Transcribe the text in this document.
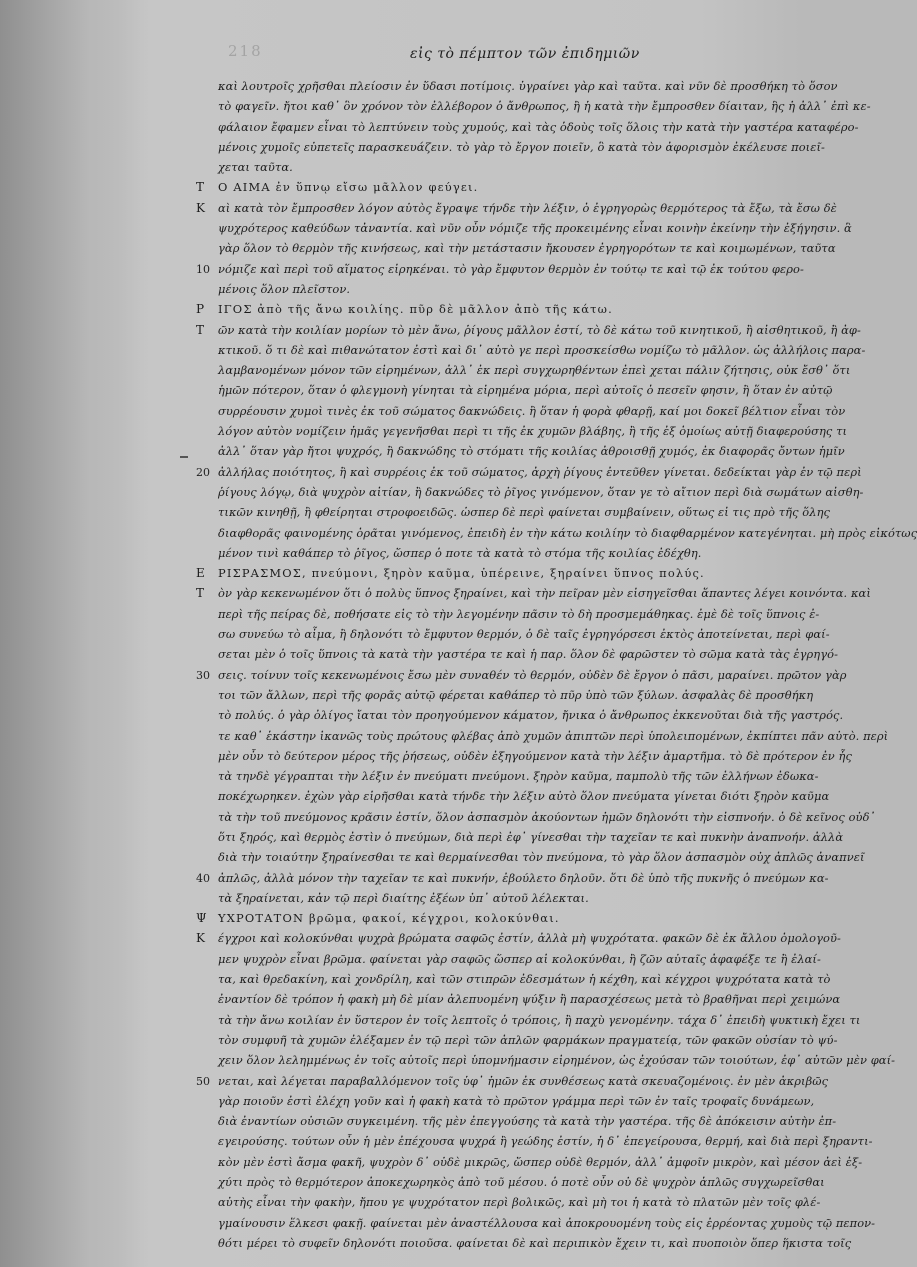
218	εἰς τὸ πέμπτον τῶν ἐπιδημιῶν
καὶ λουτροῖς χρῆσθαι πλείοσιν ἐν ὕδασι ποτίμοις. ὑγραίνει γὰρ καὶ ταῦτα. καὶ νῦν δὲ προσθήκη τὸ ὅσον
τὸ φαγεῖν. ἤτοι καθ᾽ ὃν χρόνον τὸν ἐλλέβορον ὁ ἄνθρωπος, ἢ ἡ κατὰ τὴν ἔμπροσθεν δίαιταν, ἣς ἡ ἀλλ᾽ ἐπὶ κε-
φάλαιον ἔφαμεν εἶναι τὸ λεπτύνειν τοὺς χυμούς, καὶ τὰς ὁδοὺς τοῖς ὅλοις τὴν κατὰ τὴν γαστέρα καταφέρο-
μένοις χυμοῖς εὐπετεῖς παρασκευάζειν. τὸ γὰρ τὸ ἔργον ποιεῖν, ὃ κατὰ τὸν ἀφορισμὸν ἐκέλευσε ποιεῖ-
χεται ταῦτα.
Τ Ο ΑΙΜΑ ἐν ὕπνῳ εἴσω μᾶλλον φεύγει.
Κ αὶ κατὰ τὸν ἔμπροσθεν λόγον αὐτὸς ἔγραψε τήνδε τὴν λέξιν, ὁ ἐγρηγορὼς θερμότερος τὰ ἔξω, τὰ ἔσω δὲ
ψυχρότερος καθεύδων τἀναντία. καὶ νῦν οὖν νόμιζε τῆς προκειμένης εἶναι κοινὴν ἐκείνην τὴν ἐξήγησιν. ἃ
γὰρ ὅλον τὸ θερμὸν τῆς κινήσεως, καὶ τὴν μετάστασιν ἤκουσεν ἐγρηγορότων τε καὶ κοιμωμένων, ταῦτα
νόμιζε καὶ περὶ τοῦ αἵματος εἰρηκέναι. τὸ γὰρ ἔμφυτον θερμὸν ἐν τούτῳ τε καὶ τῷ ἐκ τούτου φερο-
μένοις ὅλον πλεῖστον.
Ρ ΙΓΟΣ ἀπὸ τῆς ἄνω κοιλίης. πῦρ δὲ μᾶλλον ἀπὸ τῆς κάτω.
Τ ῶν κατὰ τὴν κοιλίαν μορίων τὸ μὲν ἄνω, ῥίγους μᾶλλον ἐστί, τὸ δὲ κάτω τοῦ κινητικοῦ, ἢ αἰσθητικοῦ, ἢ ἀφ-
κτικοῦ. ὅ τι δὲ καὶ πιθανώτατον ἐστὶ καὶ δι᾽ αὐτὸ γε περὶ προσκείσθω νομίζω τὸ μᾶλλον. ὡς ἀλλήλοις παρα-
λαμβανομένων μόνον τῶν εἰρημένων, ἀλλ᾽ ἐκ περὶ συγχωρηθέντων ἐπεὶ χεται πάλιν ζήτησις, οὐκ ἔσθ᾽ ὅτι
ἡμῶν πότερον, ὅταν ὁ φλεγμονὴ γίνηται τὰ εἰρημένα μόρια, περὶ αὐτοῖς ὁ πεσεῖν φησιν, ἢ ὅταν ἐν αὐτῷ
συρρέουσιν χυμοὶ τινὲς ἐκ τοῦ σώματος δακνώδεις. ἢ ὅταν ἡ φορὰ φθαρῇ, καί μοι δοκεῖ βέλτιον εἶναι τὸν
λόγον αὐτὸν νομίζειν ἡμᾶς γεγενῆσθαι περὶ τι τῆς ἐκ χυμῶν βλάβης, ἢ τῆς ἐξ ὁμοίως αὐτῇ διαφερούσης τι
ἀλλ᾽ ὅταν γὰρ ἤτοι ψυχρός, ἢ δακνώδης τὸ στόματι τῆς κοιλίας ἀθροισθῇ χυμός, ἐκ διαφορᾶς ὄντων ἡμῖν
ἀλλήλας ποιότητος, ἢ καὶ συρρέοις ἐκ τοῦ σώματος, ἀρχὴ ῥίγους ἐντεῦθεν γίνεται. δεδείκται γὰρ ἐν τῷ περὶ
ῥίγους λόγῳ, διὰ ψυχρὸν αἰτίαν, ἢ δακνώδες τὸ ῥῖγος γινόμενον, ὅταν γε τὸ αἴτιον περὶ διὰ σωμάτων αἰσθη-
τικῶν κινηθῇ, ἢ φθείρηται στροφοειδῶς. ὡσπερ δὲ περὶ φαίνεται συμβαίνειν, οὕτως εἰ τις πρὸ τῆς ὅλης
διαφθορᾶς φαινομένης ὁρᾶται γινόμενος, ἐπειδὴ ἐν τὴν κάτω κοιλίην τὸ διαφθαρμένον κατεγένηται. μὴ πρὸς εἰκότως
μένον τινὶ καθάπερ τὸ ῥῖγος, ὥσπερ ὁ ποτε τὰ κατὰ τὸ στόμα τῆς κοιλίας ἐδέχθη.
Ε ΡΙΣΡΑΣΜΟΣ, πνεύμονι, ξηρὸν καῦμα, ὑπέρεινε, ξηραίνει ὕπνος πολύς.
Τ ὸν γὰρ κεκενωμένον ὅτι ὁ πολὺς ὕπνος ξηραίνει, καὶ τὴν πεῖραν μὲν εἰσηγεῖσθαι ἅπαντες λέγει κοινόντα. καὶ
περὶ τῆς πείρας δὲ, ποθήσατε εἰς τὸ τὴν λεγομένην πᾶσιν τὸ δὴ προσμεμάθηκας. ἐμὲ δὲ τοῖς ὕπνοις ἐ-
σω συνεύω τὸ αἷμα, ἢ δηλονότι τὸ ἔμφυτον θερμόν, ὁ δὲ ταῖς ἐγρηγόρσεσι ἐκτὸς ἀποτείνεται, περὶ φαί-
σεται μὲν ὁ τοῖς ὕπνοις τὰ κατὰ τὴν γαστέρα τε καὶ ἡ παρ. ὅλον δὲ φαρῶστεν τὸ σῶμα κατὰ τὰς ἐγρηγό-
σεις. τοίνυν τοῖς κεκενωμένοις ἔσω μὲν συναθέν τὸ θερμόν, οὐδὲν δὲ ἔργον ὁ πᾶσι, μαραίνει. πρῶτον γὰρ
τοι τῶν ἄλλων, περὶ τῆς φορᾶς αὐτῷ φέρεται καθάπερ τὸ πῦρ ὑπὸ τῶν ξύλων. ἀσφαλὰς δὲ προσθήκη
τὸ πολύς. ὁ γὰρ ὀλίγος ἴαται τὸν προηγούμενον κάματον, ἤνικα ὁ ἄνθρωπος ἐκκενοῦται διὰ τῆς γαστρός.
τε καθ᾽ ἑκάστην ἱκανῶς τοὺς πρώτους φλέβας ἀπὸ χυμῶν ἀπιπτῶν περὶ ὑπολειπομένων, ἐκπίπτει πᾶν αὐτὸ. περὶ
μὲν οὖν τὸ δεύτερον μέρος τῆς ῥήσεως, οὐδὲν ἐξηγούμενον κατὰ τὴν λέξιν ἁμαρτῆμα. τὸ δὲ πρότερον ἐν ἧς
τὰ τηνδὲ γέγραπται τὴν λέξιν ἐν πνεύματι πνεύμονι. ξηρὸν καῦμα, παμπολὺ τῆς τῶν ἑλλήνων ἐδωκα-
ποκέχωρηκεν. ἐχὼν γὰρ εἰρῆσθαι κατὰ τήνδε τὴν λέξιν αὐτὸ ὅλον πνεύματα γίνεται διότι ξηρὸν καῦμα
τὰ τὴν τοῦ πνεύμονος κρᾶσιν ἐστίν, ὅλον ἀσπασμὸν ἀκούοντων ἡμῶν δηλονότι τὴν εἰσπνοήν. ὁ δὲ κεῖνος οὐδ᾽
ὅτι ξηρός, καὶ θερμὸς ἐστὶν ὁ πνεύμων, διὰ περὶ ἐφ᾽ γίνεσθαι τὴν ταχεῖαν τε καὶ πυκνὴν ἀναπνοήν. ἀλλὰ
διὰ τὴν τοιαύτην ξηραίνεσθαι τε καὶ θερμαίνεσθαι τὸν πνεύμονα, τὸ γὰρ ὅλον ἀσπασμὸν οὐχ ἁπλῶς ἀναπνεῖ
ἀπλῶς, ἀλλὰ μόνον τὴν ταχεῖαν τε καὶ πυκνήν, ἐβούλετο δηλοῦν. ὅτι δὲ ὑπὸ τῆς πυκνῆς ὁ πνεύμων κα-
τὰ ξηραίνεται, κἀν τῷ περὶ διαίτης ἐξέων ὑπ᾽ αὐτοῦ λέλεκται.
Ψ ΥΧΡΟΤΑΤΟΝ βρῶμα, φακοί, κέγχροι, κολοκύνθαι.
Κ έγχροι καὶ κολοκύνθαι ψυχρὰ βρώματα σαφῶς ἐστίν, ἀλλὰ μὴ ψυχρότατα. φακῶν δὲ ἐκ ἄλλου ὁμολογοῦ-
μεν ψυχρὸν εἶναι βρῶμα. φαίνεται γὰρ σαφῶς ὥσπερ αἱ κολοκύνθαι, ἢ ζῶν αὐταῖς ἀφαφέξε τε ἢ ἐλαί-
τα, καὶ θρεδακίνη, καὶ χονδρίλη, καὶ τῶν στιπρῶν ἐδεσμάτων ἡ κέχθη, καὶ κέγχροι ψυχρότατα κατὰ τὸ
ἐναντίον δὲ τρόπον ἡ φακὴ μὴ δὲ μίαν ἀλεπυομένη ψύξιν ἢ παρασχέσεως μετὰ τὸ βραθῆναι περὶ χειμώνα
τὰ τὴν ἄνω κοιλίαν ἐν ὕστερον ἐν τοῖς λεπτοῖς ὁ τρόποις, ἢ παχὺ γενομένην. τάχα δ᾽ ἐπειδὴ ψυκτικὴ ἔχει τι
τὸν συμφυῆ τὰ χυμῶν ἐλέξαμεν ἐν τῷ περὶ τῶν ἁπλῶν φαρμάκων πραγματείᾳ, τῶν φακῶν οὐσίαν τὸ ψύ-
χειν ὅλον λελημμένως ἐν τοῖς αὐτοῖς περὶ ὑπομνήμασιν εἰρημένον, ὡς ἐχούσαν τῶν τοιούτων, ἐφ᾽ αὐτῶν μὲν φαί-
νεται, καὶ λέγεται παραβαλλόμενον τοῖς ὑφ᾽ ἡμῶν ἐκ συνθέσεως κατὰ σκευαζομένοις. ἐν μὲν ἀκριβῶς
γὰρ ποιοῦν ἐστὶ ἐλέχη γοῦν καὶ ἡ φακὴ κατὰ τὸ πρῶτον γράμμα περὶ τῶν ἐν ταῖς τροφαῖς δυνάμεων,
διὰ ἐναντίων οὐσιῶν συγκειμένη. τῆς μὲν ἐπεγγούσης τὰ κατὰ τὴν γαστέρα. τῆς δὲ ἀπόκεισιν αὐτὴν ἐπ-
εγειρούσης. τούτων οὖν ἡ μὲν ἐπέχουσα ψυχρά ἢ γεώδης ἐστίν, ἡ δ᾽ ἐπεγείρουσα, θερμή, καὶ διὰ περὶ ξηραντι-
κὸν μὲν ἐστὶ ἄσμα φακῆ, ψυχρὸν δ᾽ οὐδὲ μικρῶς, ὥσπερ οὐδὲ θερμόν, ἀλλ᾽ ἀμφοῖν μικρὸν, καὶ μέσον ἀεὶ ἐξ-
χύτι πρὸς τὸ θερμότερον ἀποκεχωρηκὸς ἀπὸ τοῦ μέσου. ὁ ποτὲ οὖν οὐ δὲ ψυχρὸν ἁπλῶς συγχωρεῖσθαι
αὐτὴς εἶναι τὴν φακὴν, ἤπου γε ψυχρότατον περὶ βολικῶς, καὶ μὴ τοι ἡ κατὰ τὸ πλατῶν μὲν τοῖς φλέ-
γμαίνουσιν ἕλκεσι φακῇ. φαίνεται μὲν ἀναστέλλουσα καὶ ἀποκρουομένη τοὺς εἰς ἐρρέοντας χυμοὺς τῷ πεπον-
θότι μέρει τὸ συφεῖν δηλονότι ποιοῦσα. φαίνεται δὲ καὶ περιπικὸν ἔχειν τι, καὶ πυοποιὸν ὅπερ ἥκιστα τοῖς
10
20
30
40
50
